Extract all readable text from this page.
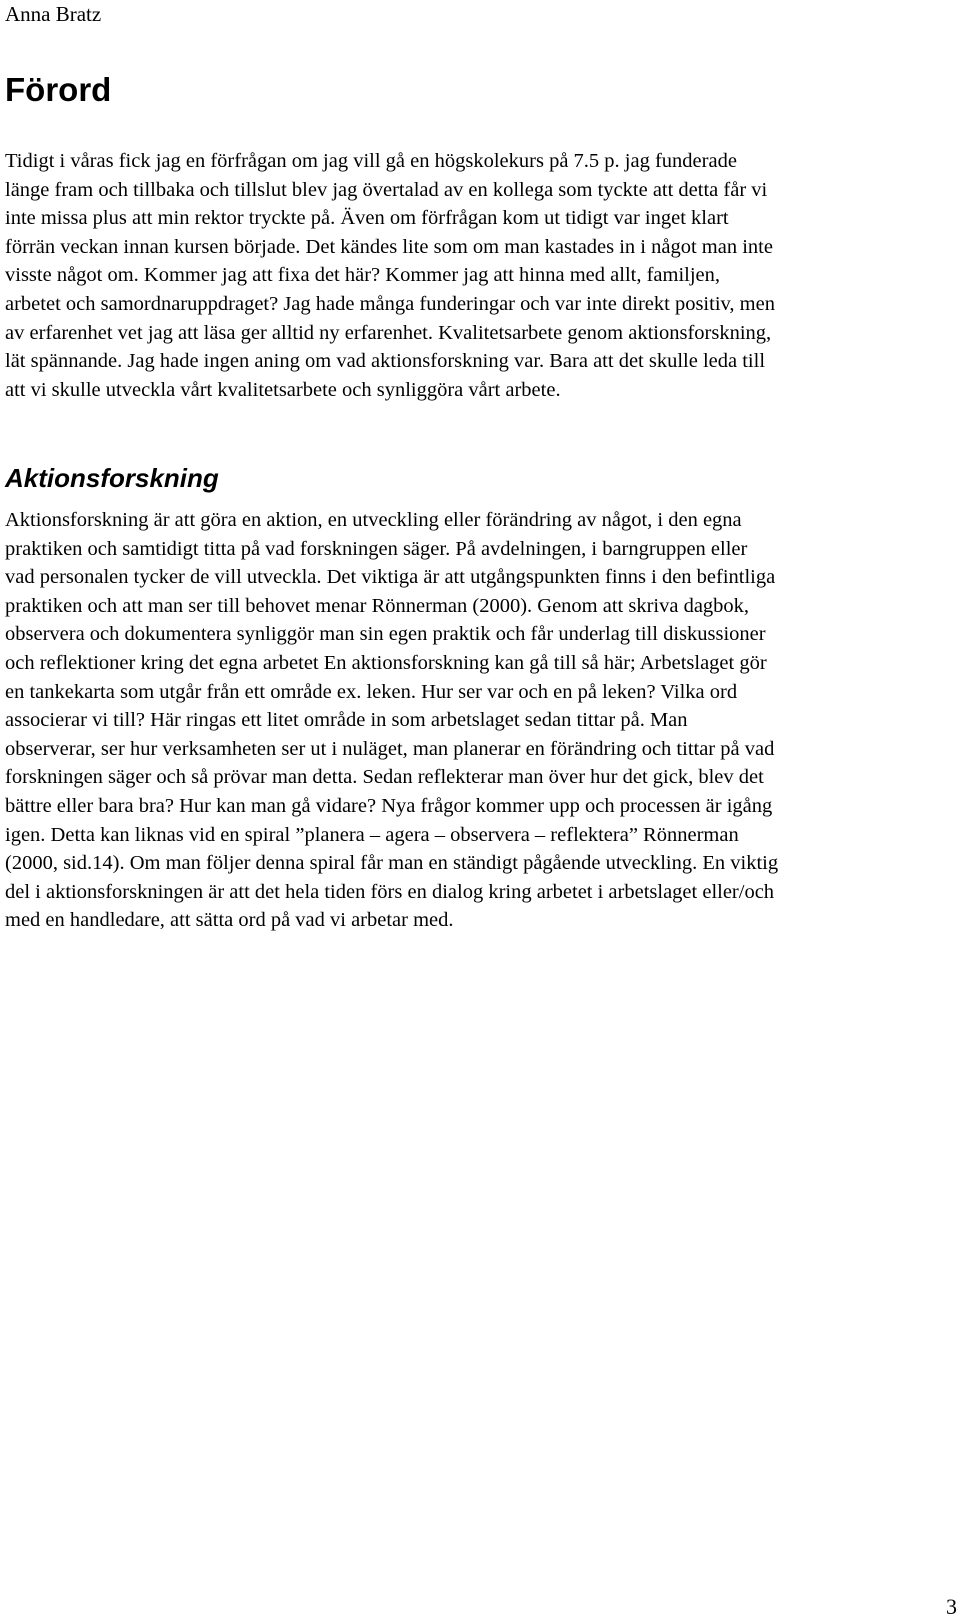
Anna Bratz

Förord

Tidigt i våras fick jag en förfrågan om jag vill gå en högskolekurs på 7.5 p. jag funderade
länge fram och tillbaka och tillslut blev jag övertalad av en kollega som tyckte att detta får vi
inte missa plus att min rektor tryckte på. Även om förfrågan kom ut tidigt var inget klart
förrän veckan innan kursen började. Det kändes lite som om man kastades in i något man inte
visste något om. Kommer jag att fixa det här? Kommer jag att hinna med allt, familjen,
arbetet och samordnaruppdraget? Jag hade många funderingar och var inte direkt positiv, men
av erfarenhet vet jag att läsa ger alltid ny erfarenhet. Kvalitetsarbete genom aktionsforskning,
lät spännande. Jag hade ingen aning om vad aktionsforskning var. Bara att det skulle leda till
att vi skulle utveckla vårt kvalitetsarbete och synliggöra vårt arbete.

Aktionsforskning

Aktionsforskning är att göra en aktion, en utveckling eller förändring av något, i den egna
praktiken och samtidigt titta på vad forskningen säger. På avdelningen, i barngruppen eller
vad personalen tycker de vill utveckla. Det viktiga är att utgångspunkten finns i den befintliga
praktiken och att man ser till behovet menar Rönnerman (2000). Genom att skriva dagbok,
observera och dokumentera synliggör man sin egen praktik och får underlag till diskussioner
och reflektioner kring det egna arbetet En aktionsforskning kan gå till så här; Arbetslaget gör
en tankekarta som utgår från ett område ex. leken. Hur ser var och en på leken? Vilka ord
associerar vi till? Här ringas ett litet område in som arbetslaget sedan tittar på. Man
observerar, ser hur verksamheten ser ut i nuläget, man planerar en förändring och tittar på vad
forskningen säger och så prövar man detta. Sedan reflekterar man över hur det gick, blev det
bättre eller bara bra? Hur kan man gå vidare? Nya frågor kommer upp och processen är igång
igen. Detta kan liknas vid en spiral ”planera – agera – observera – reflektera” Rönnerman
(2000, sid.14). Om man följer denna spiral får man en ständigt pågående utveckling. En viktig
del i aktionsforskningen är att det hela tiden förs en dialog kring arbetet i arbetslaget eller/och
med en handledare, att sätta ord på vad vi arbetar med.

3
